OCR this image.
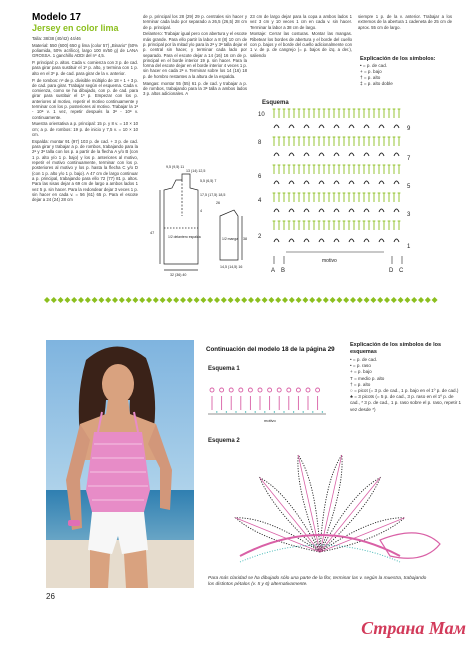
Modelo 17
Jersey en color lima

Talla: 38/38 (40/42) 44/46

Material: 550 (600) 650 g lima (color 57) „Binario“ (50% poliamida, 50% acrílico), largo 100 m/50 g) de LANA GROSSA. 1 ganchillo ADDI del nº 4,5.

P. principal: p. altos. Cada v. comienza con 3 p. de cad. para girar para sustituir el 1º p. alto, y termina con 1 p. alto en el 3º p. de cad. para girar de la v. anterior.

P. de rombos: nº de p. divisible múltiplo de 18 + 1 + 3 p. de cad. para girar. Trabajar según el esquema. Cada v. comienza, como se ha dibujado, con p. de cad. para girar para sustituir el 1º p. Empezar con los p. anteriores al motivo, repetir el motivo continuamente y terminar con los p. posteriores al motivo. Trabajar la 1ª - 10ª v. 1 vez, repetir después la 3ª - 10ª v. continuamente.

Muestra orientativa a p. principal: 15 p. y 8 v. = 10 × 10 cm; a p. de rombos: 19 p. de inicio y 7,5 v. = 10 × 10 cm.

Espalda: montar 91 (97) 103 p. de cad. + 3 p. de cad. para girar y trabajar a p. de rombos, trabajando para la 2ª y 3ª talla con los p. a partir de la flecha A y/o B (con 1 p. alto y/o 1 p. bajo) y los p. anteriores al motivo, repetir el motivo continuamente, terminar con los p. posteriores al motivo y los p. hasta la flecha C y/o D (con 1 p. alto y/o 1 p. bajo). A 47 cm de largo continuar a p. principal, trabajando para ello 72 (77) 81 p. altos. Para las sisas dejar a 69 cm de largo a ambos lados 1 vez 5 p. sin hacer. Para la redondear dejar 3 veces 1 p. sin hacer en cada v. = 56 (61) 65 p. Para el escote dejar a 24 (24) 28 cm

de p. principal los 28 (29) 29 p. centrales sin hacer y terminar cada lado por separado a 26,5 (26,5) 28 cm de p. principal.

Delantero: Trabajar igual pero con abertura y el escote más grande. Para ello partir la labor a 8 (8) 10 cm de p. principal por la mitad y/o para la 2ª y 3ª talla dejar el p. central sin hacer, y terminar cada lado por separado. Para el escote dejar a 14 (16) 16 cm de p. principal en el borde interior 19 p. sin hacer. Para la forma del escote dejar en el borde interior 4 veces 1 p. sin hacer en cada 2ª v. Terminar sobre los 14 (16) 18 p. de hombro restantes a la altura de la espalda.

Mangas: montar 55 (55) 61 p. de cad. y trabajar a p. de rombos, trabajando para la 3ª talla a ambos lados 3 p. altos adicionales. A

23 cm de largo dejar para la copa a ambos lados 1 vez 3 cm y 10 veces 1 cm en cada v. sin hacer. Terminar la labor a 38 cm de largo.

Montaje: Cerrar las costuras. Montar las mangas. Ribetear los bordes de abertura y el borde del cuello con p. bajos y el borde del cuello adicionalmente con 1 v. de p. de cangrejo (= p. bajos de izq. a der.), saliendo

siempre 1 p. de la v. anterior. Trabajar a los extremos de la abertura 1 cadeneta de 25 cm de aprox. 55 cm de largo.

Explicación de los símbolos:
• = p. de cad.
+ = p. bajo
† = p. alto
‡ = p. alto doble
9,5 (9,5) 11
13 (14) 12,5
5,5 (6,5) 7
17,5 (17,5) 18,5
4
47
32 (36) 40
1/2 delantero espalda
26
38
1/2 manga
14,5 (14,5) 16
Esquema
10
8
6
4
2
9
7
5
3
1
motivo
A B	D C
Continuación del modelo 18 de la página 29
Esquema 1
motivo
Explicación de los símbolos de los esquemas
• = p. de cad.
• = p. raso
+ = p. bajo
T = medio p. alto
† = p. alto
○ = picot (= 3 p. de cad., 1 p. bajo en el 1º p. de cad.)
♣ = 3 picots (= 5 p. de cad., 3 p. raso en el 1º p. de cad., * 3 p. de cad., 1 p. raso sobre el p. raso, repetir 1 vez desde *)
Esquema 2
Para más claridad se ha dibujado sólo una parte de la flor, terminar las v. según la muestra, trabajando los distintos pétalos (v. 5 y 6) alternativamente.
26
Страна Мам
